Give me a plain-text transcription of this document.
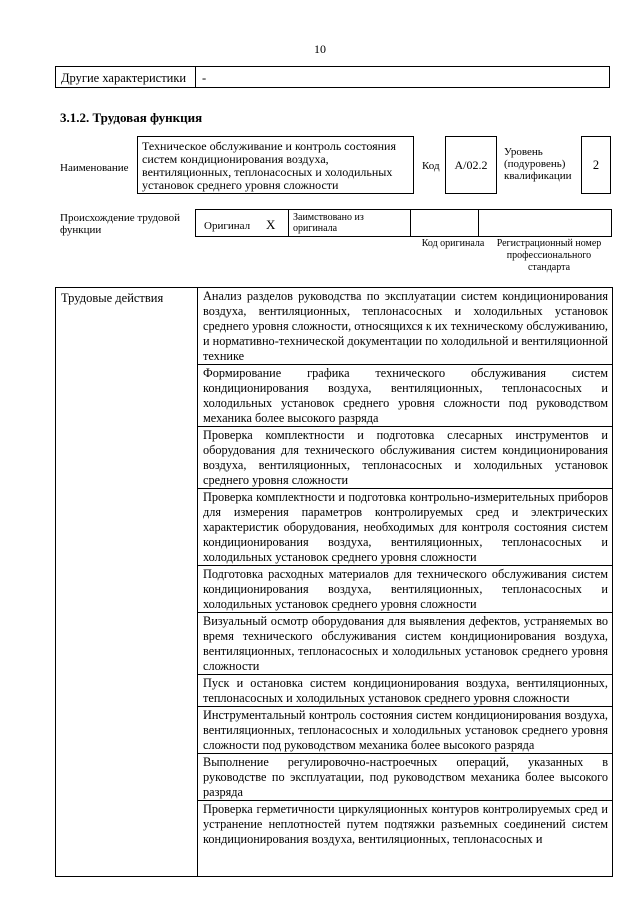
10
Другие характеристики	-
3.1.2. Трудовая функция
Наименование
Техническое обслуживание и контроль состояния систем кондиционирования воздуха, вентиляционных, теплонасосных и холодильных установок среднего уровня сложности
Код	A/02.2
Уровень (подуровень) квалификации
2
Происхождение трудовой функции	Оригинал X	Заимствовано из оригинала
Код оригинала	Регистрационный номер профессионального стандарта
Трудовые действия	Анализ разделов руководства по эксплуатации систем кондиционирования воздуха, вентиляционных, теплонасосных и холодильных установок среднего уровня сложности, относящихся к их техническому обслуживанию, и нормативно-технической документации по холодильной и вентиляционной технике
Формирование графика технического обслуживания систем кондиционирования воздуха, вентиляционных, теплонасосных и холодильных установок среднего уровня сложности под руководством механика более высокого разряда
Проверка комплектности и подготовка слесарных инструментов и оборудования для технического обслуживания систем кондиционирования воздуха, вентиляционных, теплонасосных и холодильных установок среднего уровня сложности
Проверка комплектности и подготовка контрольно-измерительных приборов для измерения параметров контролируемых сред и электрических характеристик оборудования, необходимых для контроля состояния систем кондиционирования воздуха, вентиляционных, теплонасосных и холодильных установок среднего уровня сложности
Подготовка расходных материалов для технического обслуживания систем кондиционирования воздуха, вентиляционных, теплонасосных и холодильных установок среднего уровня сложности
Визуальный осмотр оборудования для выявления дефектов, устраняемых во время технического обслуживания систем кондиционирования воздуха, вентиляционных, теплонасосных и холодильных установок среднего уровня сложности
Пуск и остановка систем кондиционирования воздуха, вентиляционных, теплонасосных и холодильных установок среднего уровня сложности
Инструментальный контроль состояния систем кондиционирования воздуха, вентиляционных, теплонасосных и холодильных установок среднего уровня сложности под руководством механика более высокого разряда
Выполнение регулировочно-настроечных операций, указанных в руководстве по эксплуатации, под руководством механика более высокого разряда
Проверка герметичности циркуляционных контуров контролируемых сред и устранение неплотностей путем подтяжки разъемных соединений систем кондиционирования воздуха, вентиляционных, теплонасосных и
